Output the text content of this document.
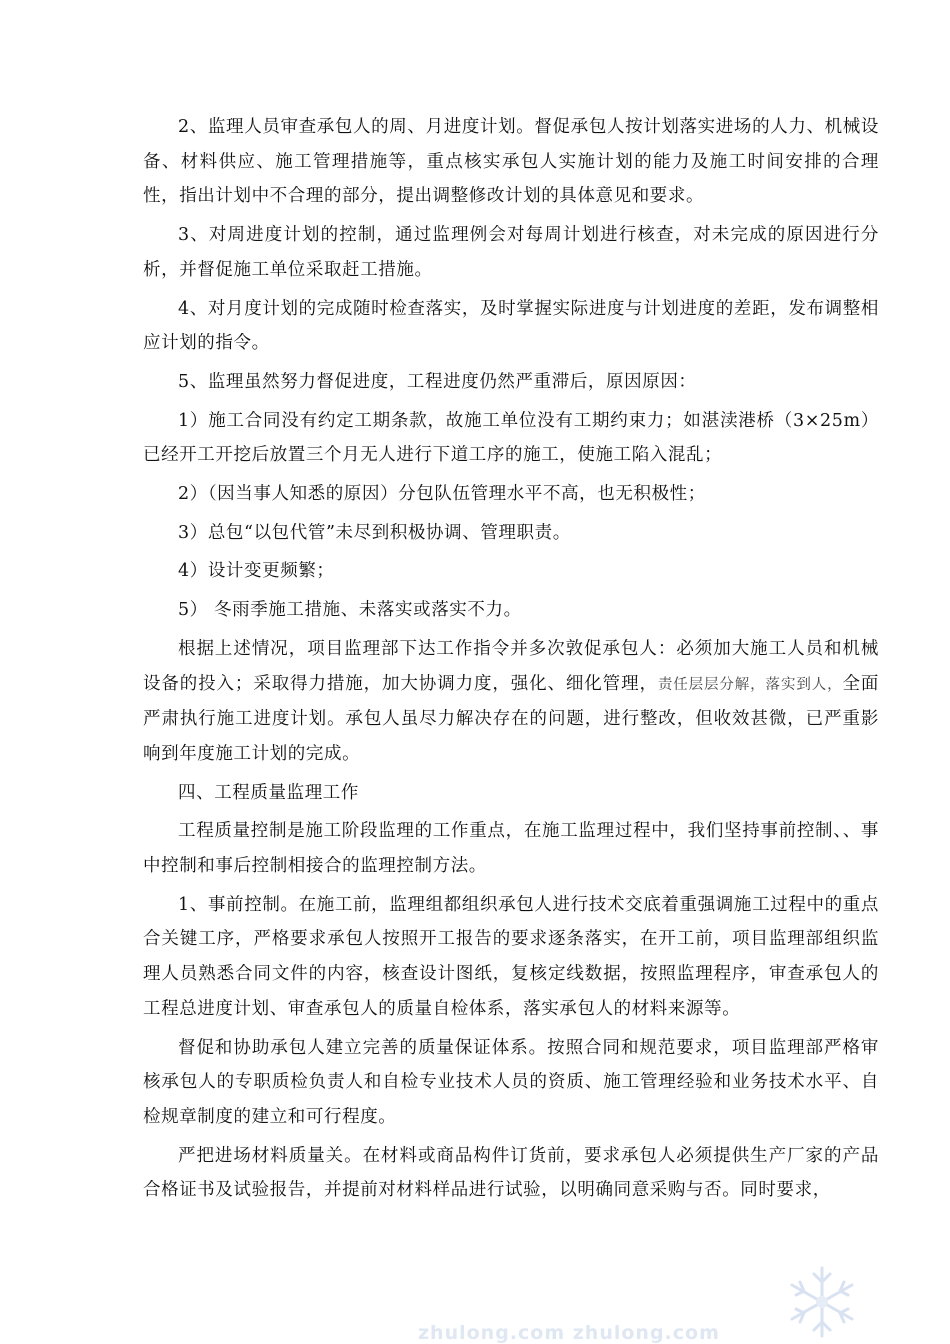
2、监理人员审查承包人的周、月进度计划。督促承包人按计划落实进场的人力、机械设备、材料供应、施工管理措施等，重点核实承包人实施计划的能力及施工时间安排的合理性，指出计划中不合理的部分，提出调整修改计划的具体意见和要求。

3、对周进度计划的控制，通过监理例会对每周计划进行核查，对未完成的原因进行分析，并督促施工单位采取赶工措施。

4、对月度计划的完成随时检查落实，及时掌握实际进度与计划进度的差距，发布调整相应计划的指令。

5、监理虽然努力督促进度，工程进度仍然严重滞后，原因原因：

1）施工合同没有约定工期条款，故施工单位没有工期约束力；如湛渎港桥（3×25m）已经开工开挖后放置三个月无人进行下道工序的施工，使施工陷入混乱；

2）（因当事人知悉的原因）分包队伍管理水平不高，也无积极性；

3）总包“以包代管”未尽到积极协调、管理职责。

4）设计变更频繁；

5） 冬雨季施工措施、未落实或落实不力。

根据上述情况，项目监理部下达工作指令并多次敦促承包人：必须加大施工人员和机械设备的投入；采取得力措施，加大协调力度，强化、细化管理，责任层层分解，落实到人，全面严肃执行施工进度计划。承包人虽尽力解决存在的问题，进行整改，但收效甚微，已严重影响到年度施工计划的完成。

四、工程质量监理工作

工程质量控制是施工阶段监理的工作重点，在施工监理过程中，我们坚持事前控制、、事中控制和事后控制相接合的监理控制方法。

1、事前控制。在施工前，监理组都组织承包人进行技术交底着重强调施工过程中的重点合关键工序，严格要求承包人按照开工报告的要求逐条落实，在开工前，项目监理部组织监理人员熟悉合同文件的内容，核查设计图纸，复核定线数据，按照监理程序，审查承包人的工程总进度计划、审查承包人的质量自检体系，落实承包人的材料来源等。

督促和协助承包人建立完善的质量保证体系。按照合同和规范要求，项目监理部严格审核承包人的专职质检负责人和自检专业技术人员的资质、施工管理经验和业务技术水平、自检规章制度的建立和可行程度。

严把进场材料质量关。在材料或商品构件订货前，要求承包人必须提供生产厂家的产品合格证书及试验报告，并提前对材料样品进行试验，以明确同意采购与否。同时要求，

zhulong.com zhulong.com
